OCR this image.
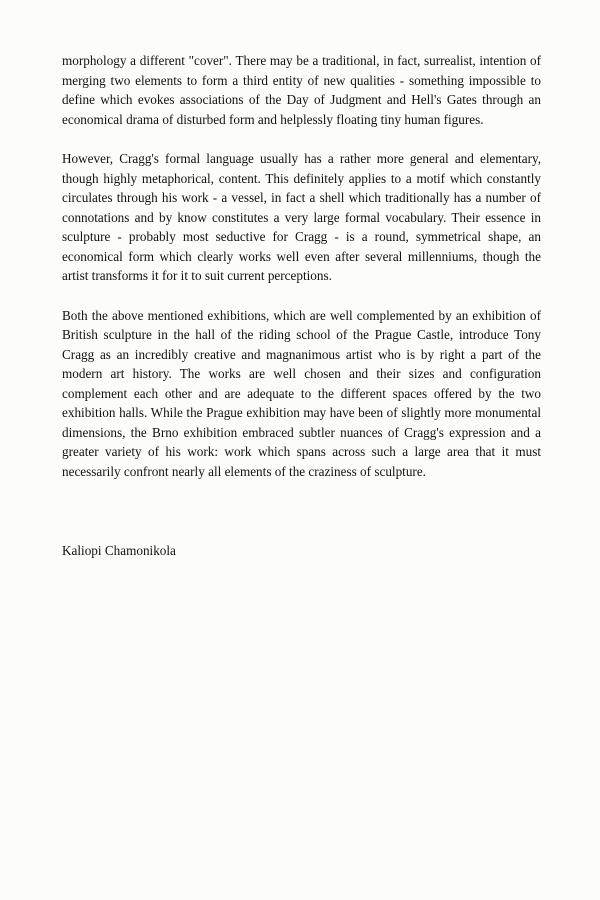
morphology a different "cover". There may be a traditional, in fact, surrealist, intention of merging two elements to form a third entity of new qualities - something impossible to define which evokes associations of the Day of Judgment and Hell's Gates through an economical drama of disturbed form and helplessly floating tiny human figures.

However, Cragg's formal language usually has a rather more general and elementary, though highly metaphorical, content. This definitely applies to a motif which constantly circulates through his work - a vessel, in fact a shell which traditionally has a number of connotations and by know constitutes a very large formal vocabulary. Their essence in sculpture - probably most seductive for Cragg - is a round, symmetrical shape, an economical form which clearly works well even after several millenniums, though the artist transforms it for it to suit current perceptions.

Both the above mentioned exhibitions, which are well complemented by an exhibition of British sculpture in the hall of the riding school of the Prague Castle, introduce Tony Cragg as an incredibly creative and magnanimous artist who is by right a part of the modern art history. The works are well chosen and their sizes and configuration complement each other and are adequate to the different spaces offered by the two exhibition halls. While the Prague exhibition may have been of slightly more monumental dimensions, the Brno exhibition embraced subtler nuances of Cragg's expression and a greater variety of his work: work which spans across such a large area that it must necessarily confront nearly all elements of the craziness of sculpture.

Kaliopi Chamonikola
